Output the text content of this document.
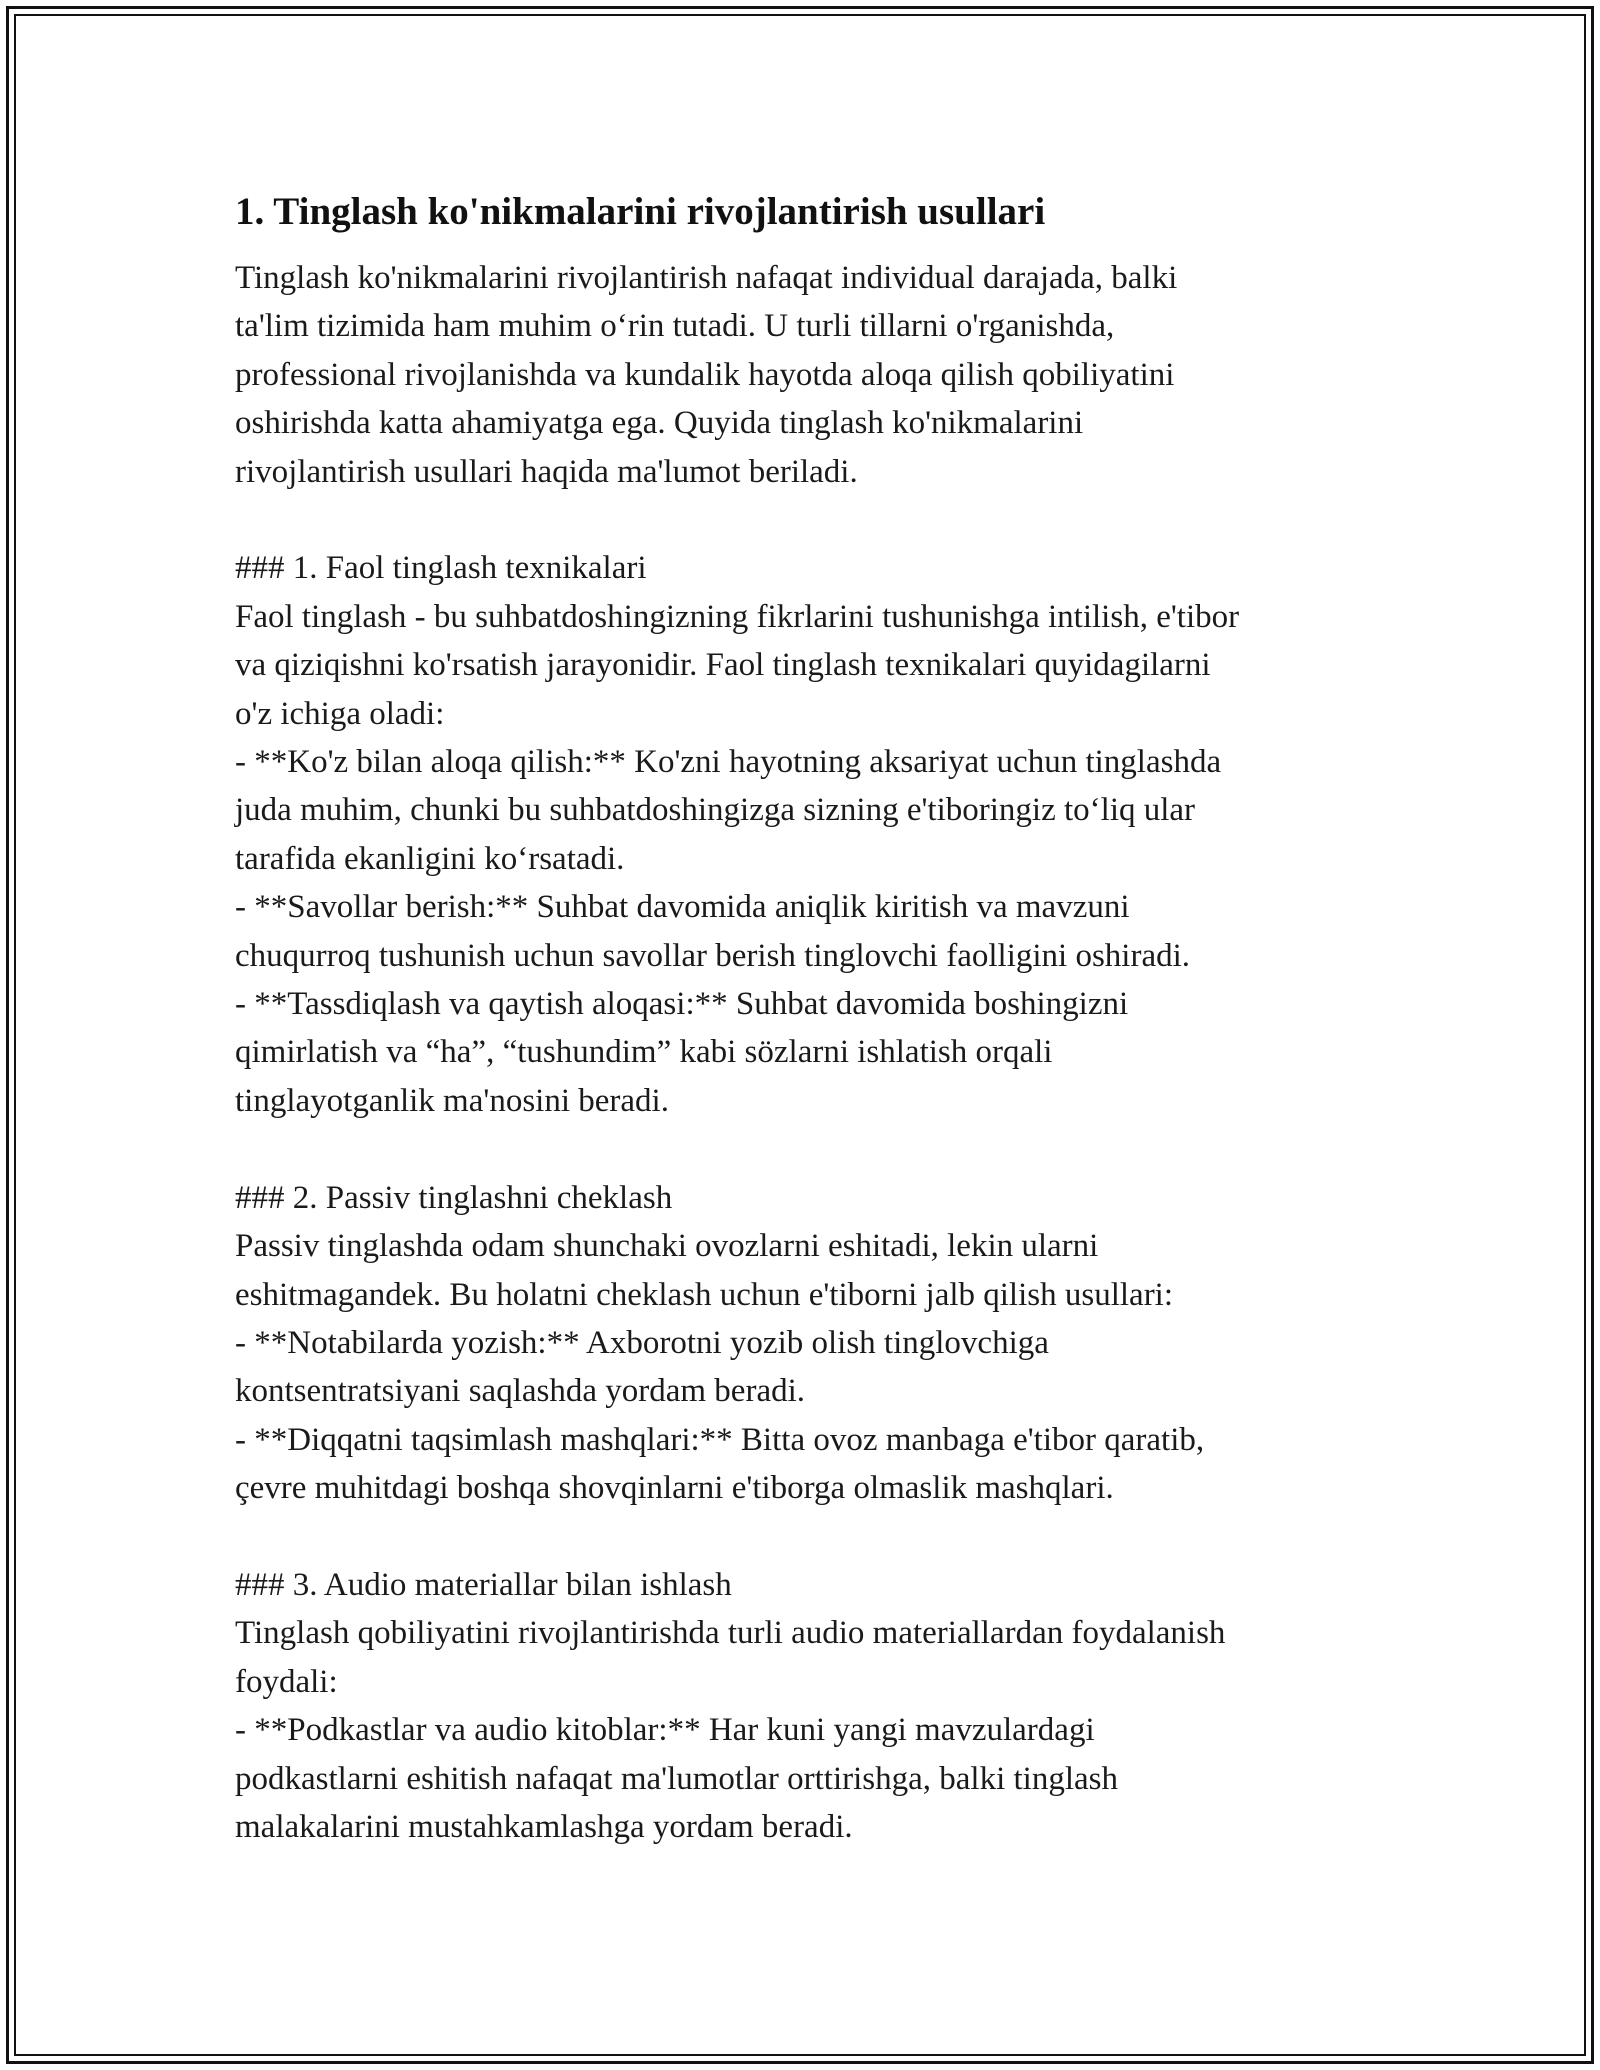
1. Tinglash ko'nikmalarini rivojlantirish usullari

Tinglash ko'nikmalarini rivojlantirish nafaqat individual darajada, balki

ta'lim tizimida ham muhim o‘rin tutadi. U turli tillarni o'rganishda,

professional rivojlanishda va kundalik hayotda aloqa qilish qobiliyatini

oshirishda katta ahamiyatga ega. Quyida tinglash ko'nikmalarini

rivojlantirish usullari haqida ma'lumot beriladi.

### 1. Faol tinglash texnikalari

Faol tinglash - bu suhbatdoshingizning fikrlarini tushunishga intilish, e'tibor

va qiziqishni ko'rsatish jarayonidir. Faol tinglash texnikalari quyidagilarni

o'z ichiga oladi:

- **Ko'z bilan aloqa qilish:** Ko'zni hayotning aksariyat uchun tinglashda

juda muhim, chunki bu suhbatdoshingizga sizning e'tiboringiz to‘liq ular

tarafida ekanligini ko‘rsatadi.

- **Savollar berish:** Suhbat davomida aniqlik kiritish va mavzuni

chuqurroq tushunish uchun savollar berish tinglovchi faolligini oshiradi.

- **Tassdiqlash va qaytish aloqasi:** Suhbat davomida boshingizni

qimirlatish va “ha”, “tushundim” kabi sözlarni ishlatish orqali

tinglayotganlik ma'nosini beradi.

### 2. Passiv tinglashni cheklash

Passiv tinglashda odam shunchaki ovozlarni eshitadi, lekin ularni

eshitmagandek. Bu holatni cheklash uchun e'tiborni jalb qilish usullari:

- **Notabilarda yozish:** Axborotni yozib olish tinglovchiga

kontsentratsiyani saqlashda yordam beradi.

- **Diqqatni taqsimlash mashqlari:** Bitta ovoz manbaga e'tibor qaratib,

çevre muhitdagi boshqa shovqinlarni e'tiborga olmaslik mashqlari.

### 3. Audio materiallar bilan ishlash

Tinglash qobiliyatini rivojlantirishda turli audio materiallardan foydalanish

foydali:

- **Podkastlar va audio kitoblar:** Har kuni yangi mavzulardagi

podkastlarni eshitish nafaqat ma'lumotlar orttirishga, balki tinglash

malakalarini mustahkamlashga yordam beradi.
